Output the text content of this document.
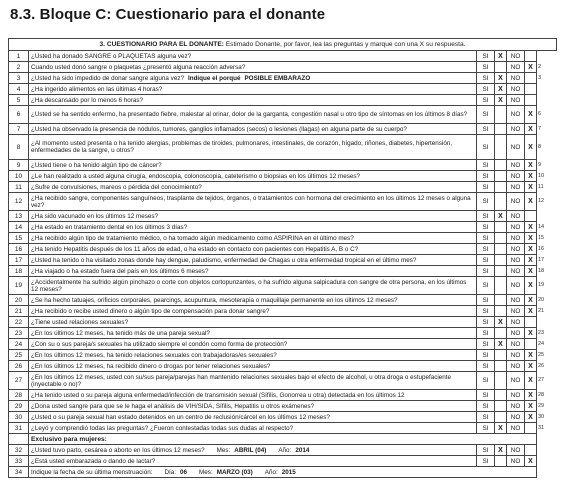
8.3. Bloque C: Cuestionario para el donante
3. CUESTIONARIO PARA EL DONANTE: Estimado Donante, por favor, lea las preguntas y marque con una X su respuesta.						
1	¿Usted ha donado SANGRE o PLAQUETAS alguna vez?	SI	X	NO		
2	Cuando usted donó sangre o plaquetas ¿presentó alguna reacción adversa?	SI		NO	X	2
3	¿Usted ha sido impedido de donar sangre alguna vez? Indique el porqué POSIBLE EMBARAZO	SI	X	NO		3
4	¿Ha ingerido alimentos en las últimas 4 horas?	SI	X	NO		
5	¿Ha descansado por lo menos 6 horas?	SI	X	NO		
6	¿Usted se ha sentido enfermo, ha presentado fiebre, malestar al orinar, dolor de la garganta, congestión nasal u otro tipo de síntomas en los últimos 8 días?	SI		NO	X	6
7	¿Usted ha observado la presencia de nódulos, tumores, ganglios inflamados (secos) o lesiones (llagas) en alguna parte de su cuerpo?	SI		NO	X	7
8	¿Al momento usted presenta o ha tenido alergias, problemas de tiroides, pulmonares, intestinales, de corazón, hígado, riñones, diabetes, hipertensión, enfermedades de la sangre, u otros?	SI		NO	X	8
9	¿Usted tiene o ha tenido algún tipo de cáncer?	SI		NO	X	9
10	¿Le han realizado a usted alguna cirugía, endoscopia, colonoscopia, cateterismo o biopsias en los últimos 12 meses?	SI		NO	X	10
11	¿Sufre de convulsiones, mareos o pérdida del conocimiento?	SI		NO	X	11
12	¿Ha recibido sangre, componentes sanguíneos, trasplante de tejidos, órganos, o tratamientos con hormona del crecimiento en los últimos 12 meses o alguna vez?	SI		NO	X	12
13	¿Ha sido vacunado en los últimos 12 meses?	SI	X	NO		
14	¿Ha estado en tratamiento dental en los últimos 3 días?	SI		NO	X	14
15	¿Ha recibido algún tipo de tratamiento médico, o ha tomado algún medicamento como ASPIRINA en el último mes?	SI		NO	X	15
16	¿Ha tenido Hepatitis después de los 11 años de edad, o ha estado en contacto con pacientes con Hepatitis A, B o C?	SI		NO	X	16
17	¿Usted ha tenido o ha visitado zonas donde hay dengue, paludismo, enfermedad de Chagas u otra enfermedad tropical en el último mes?	SI		NO	X	17
18	¿Ha viajado o ha estado fuera del país en los últimos 6 meses?	SI		NO	X	18
19	¿Accidentalmente ha sufrido algún pinchazo o corte con objetos cortopunzantes, o ha sufrido alguna salpicadura con sangre de otra persona, en los últimos 12 meses?	SI		NO	X	19
20	¿Se ha hecho tatuajes, orificios corporales, pearcings, acupuntura, mesoterapia o maquillaje permanente en los últimos 12 meses?	SI		NO	X	20
21	¿Ha recibido o recibe usted dinero o algún tipo de compensación para donar sangre?	SI		NO	X	21
22	¿Tiene usted relaciones sexuales?	SI	X	NO		
23	¿En los últimos 12 meses, ha tenido más de una pareja sexual?	SI		NO	X	23
24	¿Con su o sus pareja/s sexuales ha utilizado siempre el condón como forma de protección?	SI	X	NO		24
25	¿En los últimos 12 meses, ha tenido relaciones sexuales con trabajadoras/es sexuales?	SI		NO	X	25
26	¿En los últimos 12 meses, ha recibido dinero o drogas por tener relaciones sexuales?	SI		NO	X	26
27	¿En los últimos 12 meses, usted con su/sus pareja/parejas han mantenido relaciones sexuales bajo el efecto de alcohol, u otra droga o estupefaciente (inyectable o no)?	SI		NO	X	27
28	¿Ha tenido usted o su pareja alguna enfermedad/infección de transmisión sexual (Sífilis, Gonorrea u otra) detectada en los últimos 12	SI		NO	X	28
29	¿Dona usted sangre para que se le haga el análisis de VIH/SIDA, Sífilis, Hepatitis u otros exámenes?	SI		NO	X	29
30	¿Usted o su pareja sexual han estado detenidos en un centro de reclusión/cárcel en los últimos 12 meses?	SI		NO	X	30
31	¿Leyó y comprendió todas las preguntas? ¿Fueron contestadas todas sus dudas al respecto?	SI	X	NO		31
	Exclusivo para mujeres:					
32	¿Usted tuvo parto, cesárea o aborto en los últimos 12 meses? Mes: ABRIL (04) Año: 2014	SI	X	NO		
33	¿Está usted embarazada o dando de lactar?	SI		NO	X	
34	Indique la fecha de su última menstruación: Día: 06 Mes: MARZO (03) Año: 2015					
